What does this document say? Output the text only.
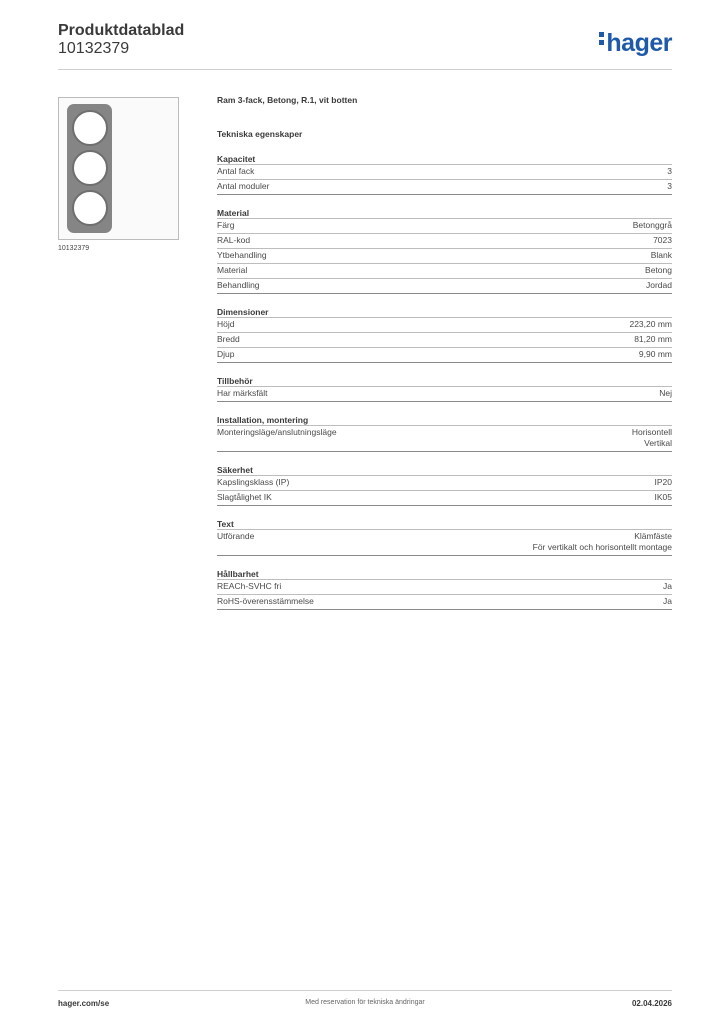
Produktdatablad
10132379	hager
10132379
Ram 3-fack, Betong, R.1, vit botten
Tekniska egenskaper
Kapacitet
Antal fack	3
Antal moduler	3
Material
Färg	Betonggrå
RAL-kod	7023
Ytbehandling	Blank
Material	Betong
Behandling	Jordad
Dimensioner
Höjd	223,20 mm
Bredd	81,20 mm
Djup	9,90 mm
Tillbehör
Har märksfält	Nej
Installation, montering
Monteringsläge/anslutningsläge	Horisontell
Vertikal
Säkerhet
Kapslingsklass (IP)	IP20
Slagtålighet IK	IK05
Text
Utförande	Klämfäste
För vertikalt och horisontellt montage
Hållbarhet
REACh-SVHC fri	Ja
RoHS-överensstämmelse	Ja
hager.com/se	Med reservation för tekniska ändringar	02.04.2026
